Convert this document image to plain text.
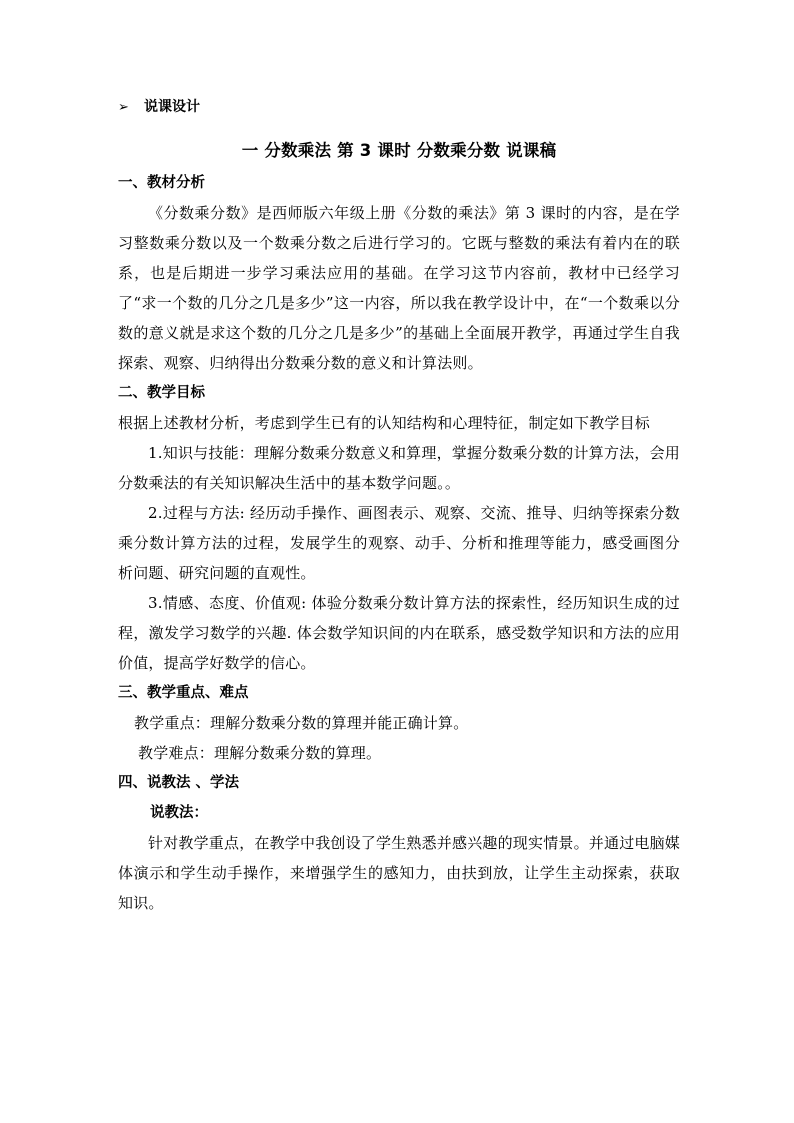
➢ 说课设计
一 分数乘法 第 3 课时 分数乘分数 说课稿
一、教材分析

《分数乘分数》是西师版六年级上册《分数的乘法》第 3 课时的内容，是在学习整数乘分数以及一个数乘分数之后进行学习的。它既与整数的乘法有着内在的联系，也是后期进一步学习乘法应用的基础。在学习这节内容前，教材中已经学习了“求一个数的几分之几是多少”这一内容，所以我在教学设计中，在“一个数乘以分数的意义就是求这个数的几分之几是多少”的基础上全面展开教学，再通过学生自我探索、观察、归纳得出分数乘分数的意义和计算法则。

二、教学目标

根据上述教材分析，考虑到学生已有的认知结构和心理特征，制定如下教学目标

1.知识与技能：理解分数乘分数意义和算理，掌握分数乘分数的计算方法，会用分数乘法的有关知识解决生活中的基本数学问题。。

2.过程与方法: 经历动手操作、画图表示、观察、交流、推导、归纳等探索分数乘分数计算方法的过程，发展学生的观察、动手、分析和推理等能力，感受画图分析问题、研究问题的直观性。

3.情感、态度、价值观: 体验分数乘分数计算方法的探索性，经历知识生成的过程，激发学习数学的兴趣. 体会数学知识间的内在联系，感受数学知识和方法的应用价值，提高学好数学的信心。

三、教学重点、难点

教学重点：理解分数乘分数的算理并能正确计算。

教学难点：理解分数乘分数的算理。

四、说教法 、学法
说教法：

针对教学重点，在教学中我创设了学生熟悉并感兴趣的现实情景。并通过电脑媒体演示和学生动手操作，来增强学生的感知力，由扶到放，让学生主动探索，获取知识。
